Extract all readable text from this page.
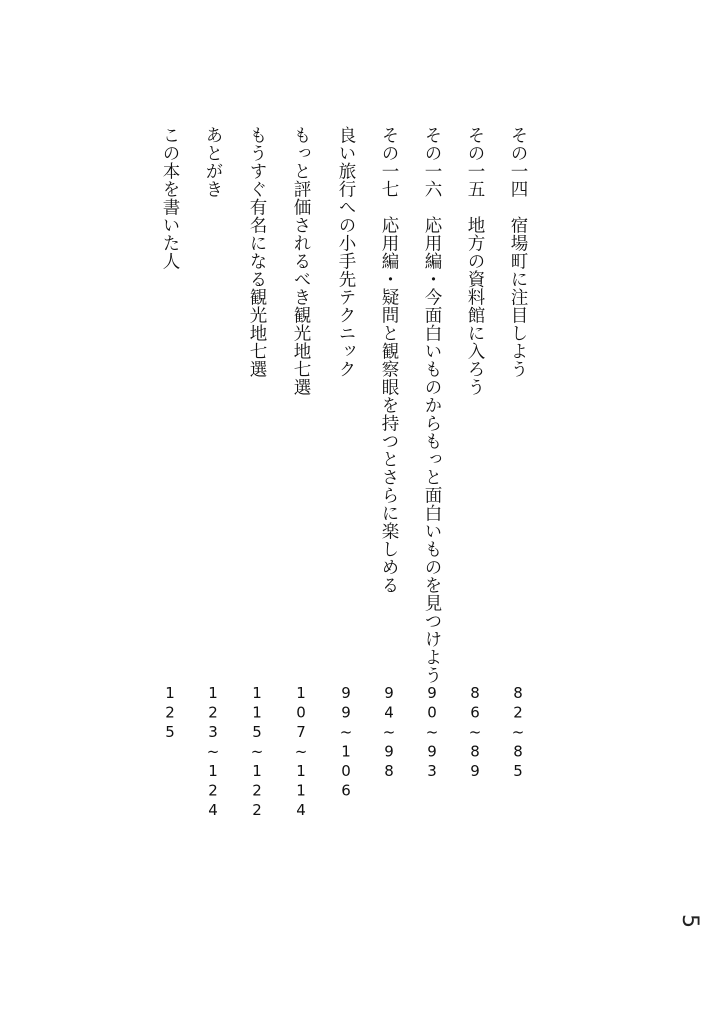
その一四　宿場町に注目しよう
82~85
その一五　地方の資料館に入ろう
86~89
その一六　応用編・今面白いものからもっと面白いものを見つけよう
90~93
その一七　応用編・疑問と観察眼を持つとさらに楽しめる
94~98
良い旅行への小手先テクニック
99~106
もっと評価されるべき観光地七選
107~114
もうすぐ有名になる観光地七選
115~122
あとがき
123~124
この本を書いた人
125
5
